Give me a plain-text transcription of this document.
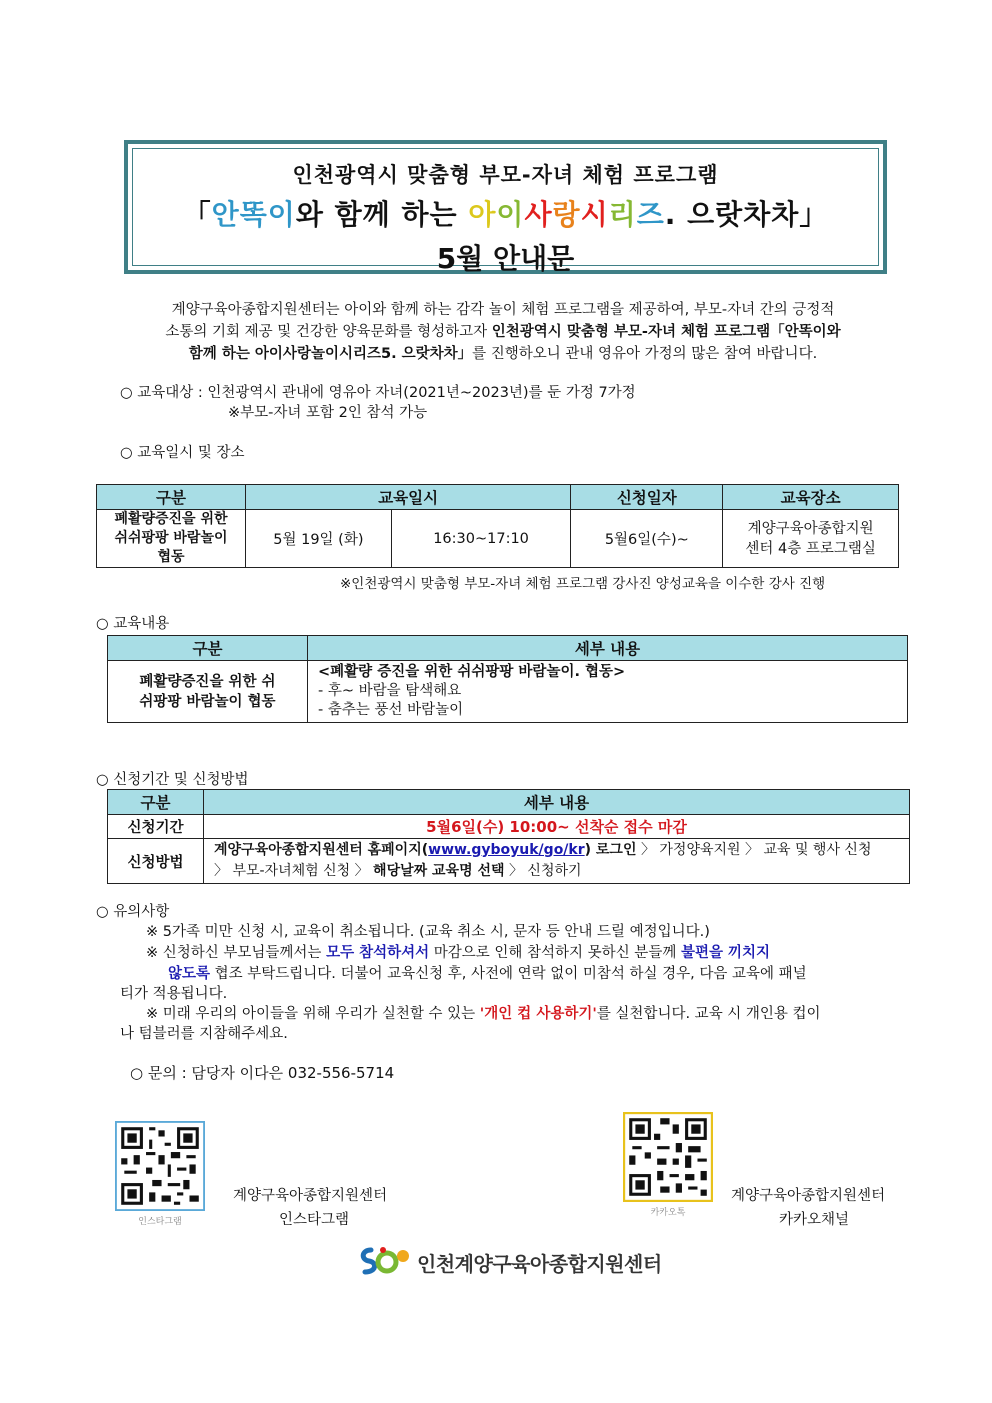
인천광역시 맞춤형 부모-자녀 체험 프로그램
「안똑이와 함께 하는 아이사랑시리즈. 으랏차차」
5월 안내문
계양구육아종합지원센터는 아이와 함께 하는 감각 놀이 체험 프로그램을 제공하여, 부모-자녀 간의 긍정적
소통의 기회 제공 및 건강한 양육문화를 형성하고자 인천광역시 맞춤형 부모-자녀 체험 프로그램「안똑이와
함께 하는 아이사랑놀이시리즈5. 으랏차차」를 진행하오니 관내 영유아 가정의 많은 참여 바랍니다.
○ 교육대상 : 인천광역시 관내에 영유아 자녀(2021년~2023년)를 둔 가정 7가정
※부모-자녀 포함 2인 참석 가능
○ 교육일시 및 장소
구분	교육일시		신청일자	교육장소
폐활량증진을 위한 쉬쉬팡팡 바람놀이 협동	5월 19일 (화)	16:30~17:10	5월6일(수)~	계양구육아종합지원센터 4층 프로그램실
※인천광역시 맞춤형 부모-자녀 체험 프로그램 강사진 양성교육을 이수한 강사 진행
○ 교육내용
구분	세부 내용
폐활량증진을 위한 쉬쉬팡팡 바람놀이 협동	<폐활량 증진을 위한 쉬쉬팡팡 바람놀이. 협동>
- 후~ 바람을 탐색해요
- 춤추는 풍선 바람놀이
○ 신청기간 및 신청방법
구분	세부 내용
신청기간	5월6일(수) 10:00~ 선착순 접수 마감
신청방법	계양구육아종합지원센터 홈페이지(www.gyboyuk/go/kr) 로그인 〉 가정양육지원 〉 교육 및 행사 신청
〉 부모-자녀체험 신청 〉 해당날짜 교육명 선택 〉 신청하기
○ 유의사항
※ 5가족 미만 신청 시, 교육이 취소됩니다. (교육 취소 시, 문자 등 안내 드릴 예정입니다.)
※ 신청하신 부모님들께서는 모두 참석하셔서 마감으로 인해 참석하지 못하신 분들께 불편을 끼치지
않도록 협조 부탁드립니다. 더불어 교육신청 후, 사전에 연락 없이 미참석 하실 경우, 다음 교육에 패널
티가 적용됩니다.
※ 미래 우리의 아이들을 위해 우리가 실천할 수 있는 '개인 컵 사용하기'를 실천합니다. 교육 시 개인용 컵이
나 텀블러를 지참해주세요.
○ 문의 : 담당자 이다은 032-556-5714
인스타그램
계양구육아종합지원센터
인스타그램	카카오톡
계양구육아종합지원센터
카카오채널
인천계양구육아종합지원센터
